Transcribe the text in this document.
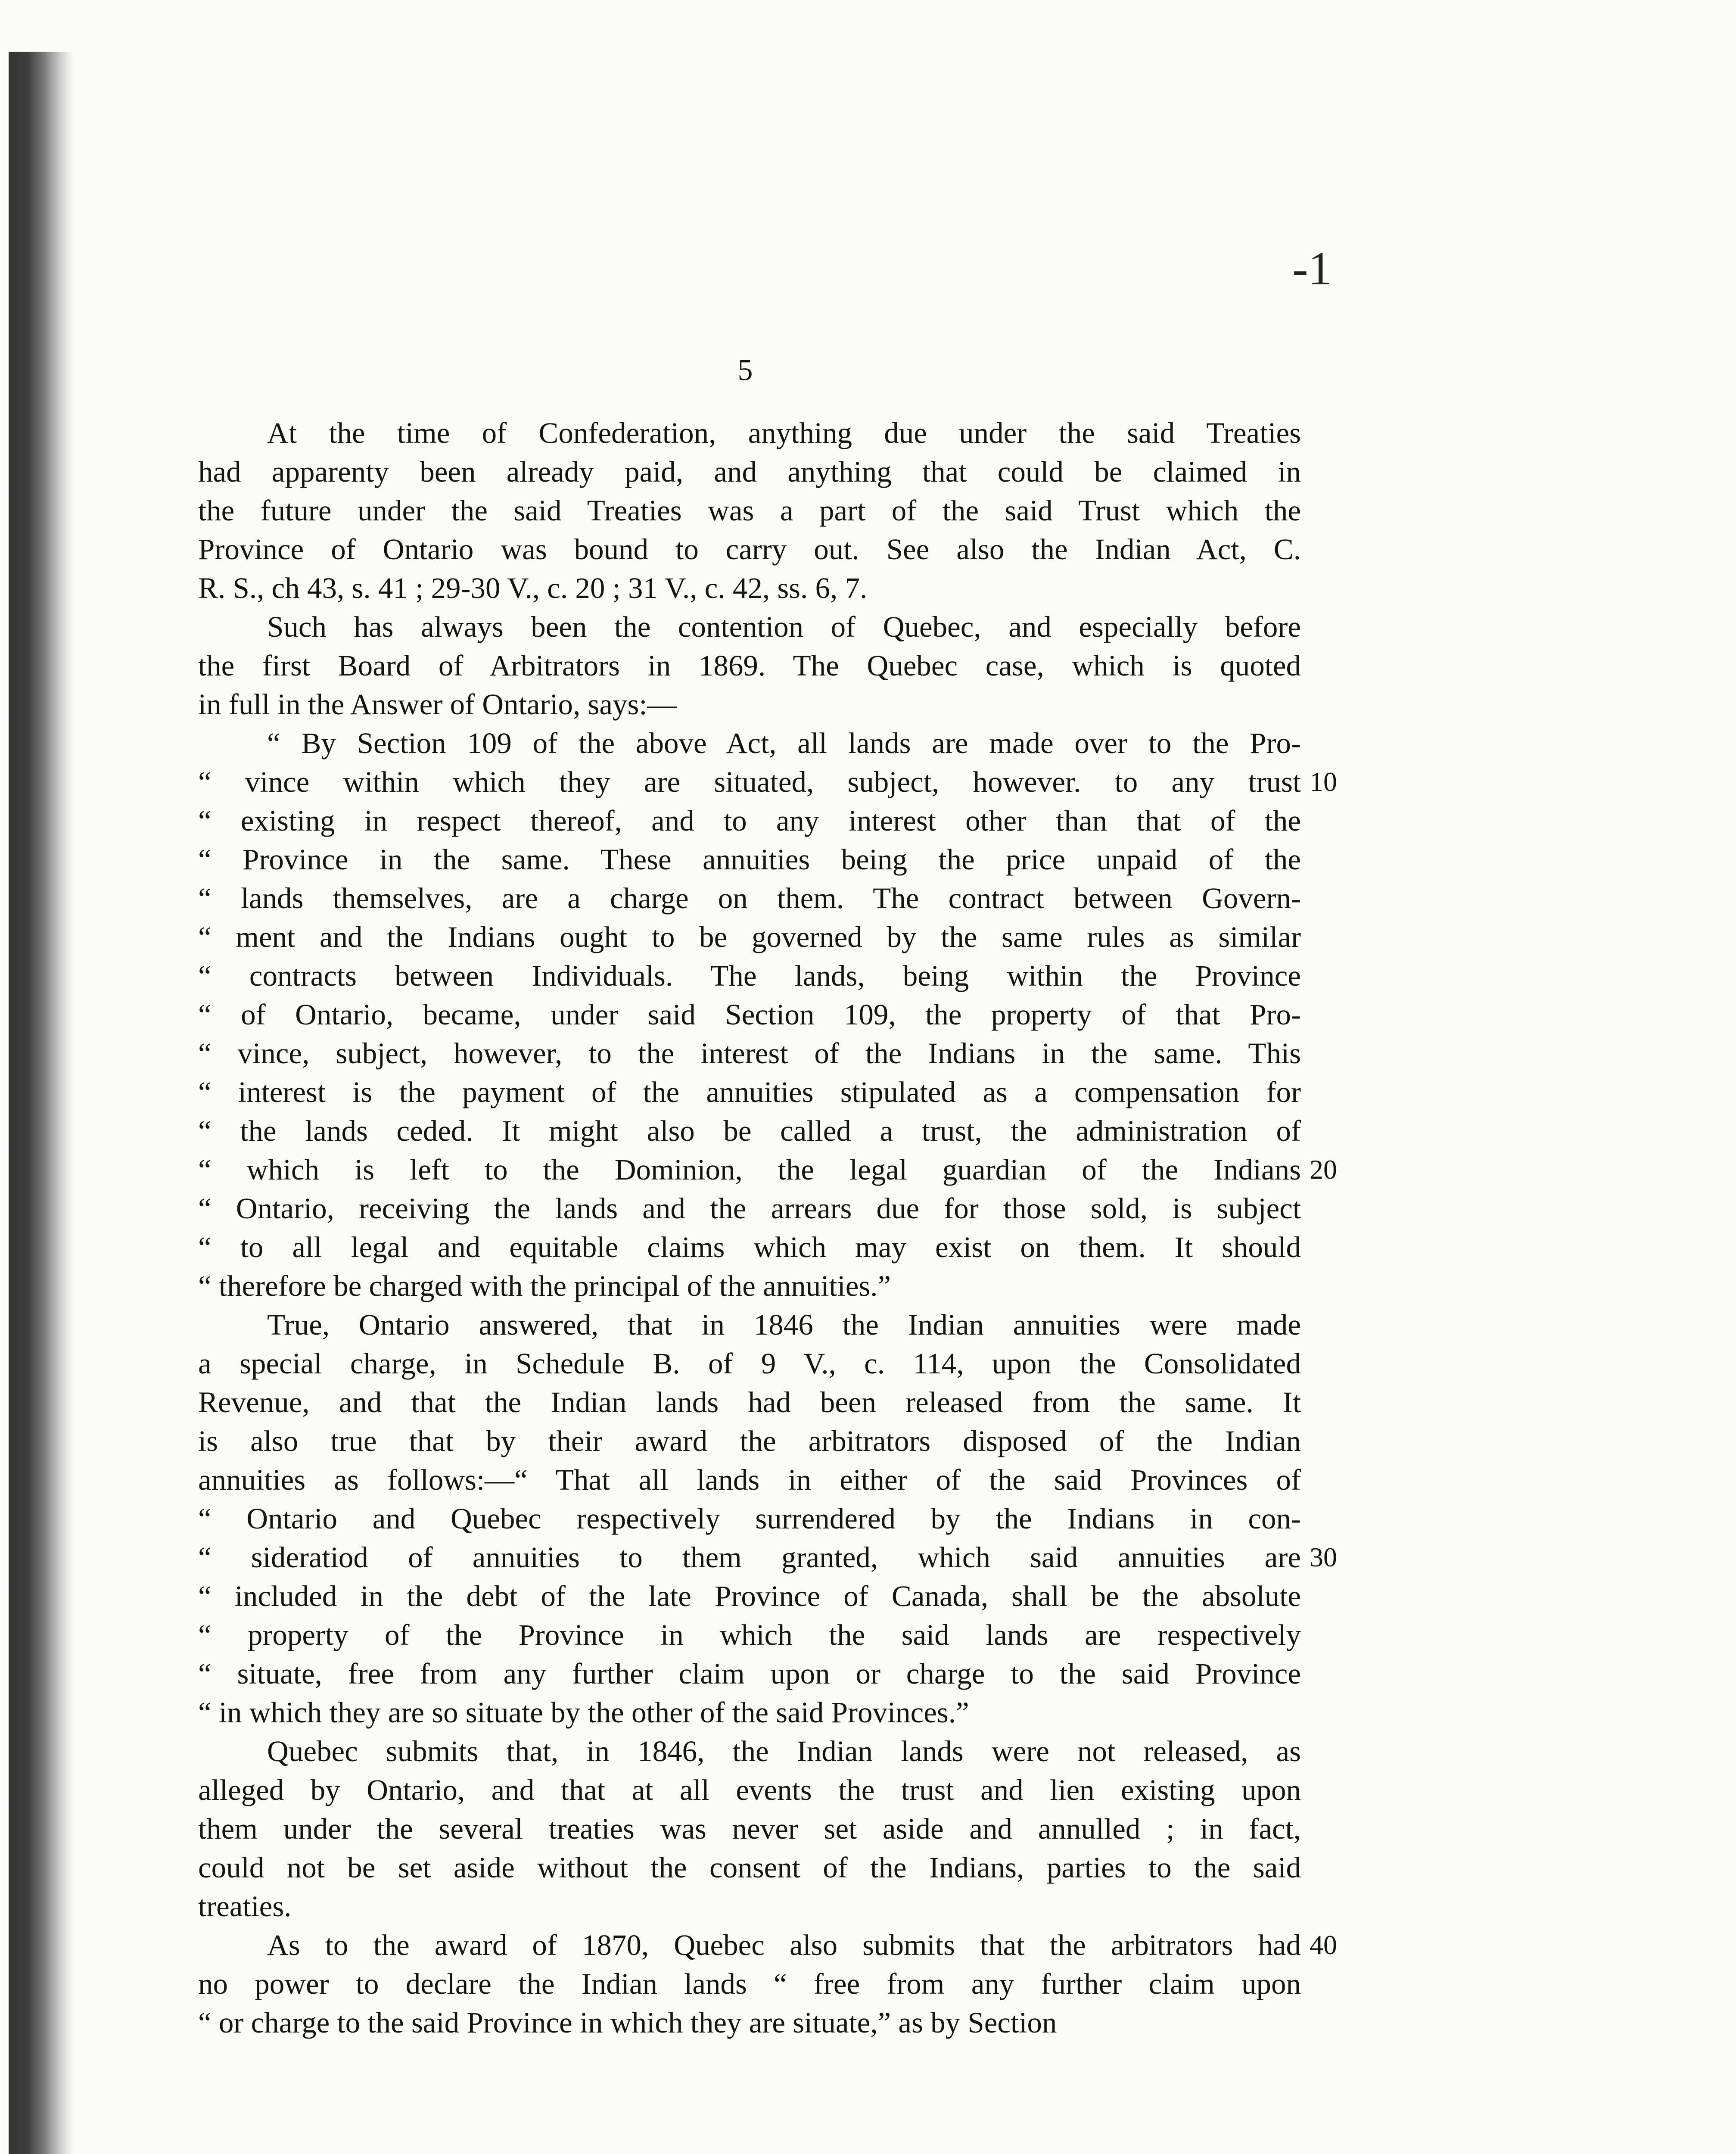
-1
5
At the time of Confederation, anything due under the said Treaties
had apparenty been already paid, and anything that could be claimed in
the future under the said Treaties was a part of the said Trust which the
Province of Ontario was bound to carry out. See also the Indian Act, C.
R. S., ch 43, s. 41 ; 29-30 V., c. 20 ; 31 V., c. 42, ss. 6, 7.
Such has always been the contention of Quebec, and especially before
the first Board of Arbitrators in 1869. The Quebec case, which is quoted
in full in the Answer of Ontario, says:—
“ By Section 109 of the above Act, all lands are made over to the Pro-
“ vince within which they are situated, subject, however. to any trust
“ existing in respect thereof, and to any interest other than that of the
“ Province in the same. These annuities being the price unpaid of the
“ lands themselves, are a charge on them. The contract between Govern-
“ ment and the Indians ought to be governed by the same rules as similar
“ contracts between Individuals. The lands, being within the Province
“ of Ontario, became, under said Section 109, the property of that Pro-
“ vince, subject, however, to the interest of the Indians in the same. This
“ interest is the payment of the annuities stipulated as a compensation for
“ the lands ceded. It might also be called a trust, the administration of
“ which is left to the Dominion, the legal guardian of the Indians
“ Ontario, receiving the lands and the arrears due for those sold, is subject
“ to all legal and equitable claims which may exist on them. It should
“ therefore be charged with the principal of the annuities.”
True, Ontario answered, that in 1846 the Indian annuities were made
a special charge, in Schedule B. of 9 V., c. 114, upon the Consolidated
Revenue, and that the Indian lands had been released from the same. It
is also true that by their award the arbitrators disposed of the Indian
annuities as follows:—“ That all lands in either of the said Provinces of
“ Ontario and Quebec respectively surrendered by the Indians in con-
“ sideratiod of annuities to them granted, which said annuities are
“ included in the debt of the late Province of Canada, shall be the absolute
“ property of the Province in which the said lands are respectively
“ situate, free from any further claim upon or charge to the said Province
“ in which they are so situate by the other of the said Provinces.”
Quebec submits that, in 1846, the Indian lands were not released, as
alleged by Ontario, and that at all events the trust and lien existing upon
them under the several treaties was never set aside and annulled ; in fact,
could not be set aside without the consent of the Indians, parties to the said
treaties.
As to the award of 1870, Quebec also submits that the arbitrators had
no power to declare the Indian lands “ free from any further claim upon
“ or charge to the said Province in which they are situate,” as by Section
10
20
30
40
